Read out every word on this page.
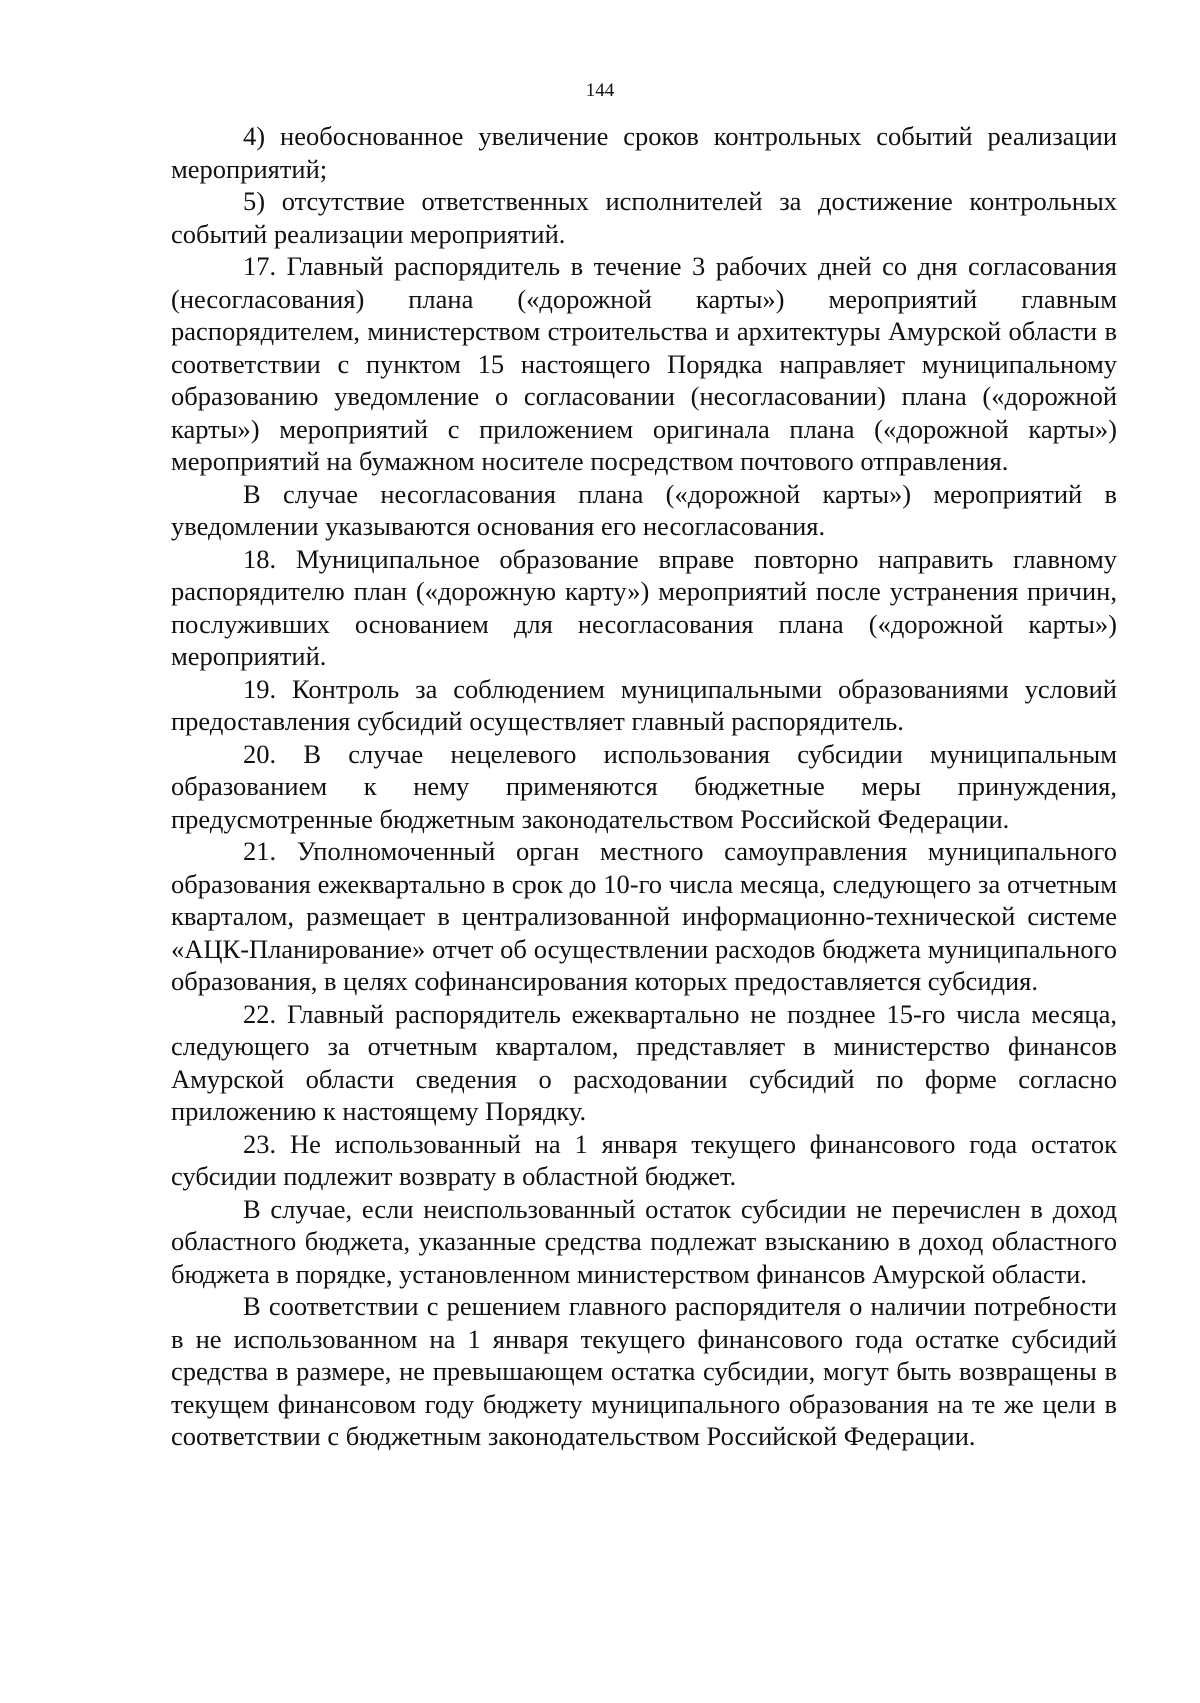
144

4) необоснованное увеличение сроков контрольных событий реализации мероприятий;

5) отсутствие ответственных исполнителей за достижение контрольных событий реализации мероприятий.

17. Главный распорядитель в течение 3 рабочих дней со дня согласования (несогласования) плана («дорожной карты») мероприятий главным распорядителем, министерством строительства и архитектуры Амурской области в соответствии с пунктом 15 настоящего Порядка направляет муниципальному образованию уведомление о согласовании (несогласовании) плана («дорожной карты») мероприятий с приложением оригинала плана («дорожной карты») мероприятий на бумажном носителе посредством почтового отправления.

В случае несогласования плана («дорожной карты») мероприятий в уведомлении указываются основания его несогласования.

18. Муниципальное образование вправе повторно направить главному распорядителю план («дорожную карту») мероприятий после устранения причин, послуживших основанием для несогласования плана («дорожной карты») мероприятий.

19. Контроль за соблюдением муниципальными образованиями условий предоставления субсидий осуществляет главный распорядитель.

20. В случае нецелевого использования субсидии муниципальным образованием к нему применяются бюджетные меры принуждения, предусмотренные бюджетным законодательством Российской Федерации.

21. Уполномоченный орган местного самоуправления муниципального образования ежеквартально в срок до 10-го числа месяца, следующего за отчетным кварталом, размещает в централизованной информационно-технической системе «АЦК-Планирование» отчет об осуществлении расходов бюджета муниципального образования, в целях софинансирования которых предоставляется субсидия.

22. Главный распорядитель ежеквартально не позднее 15-го числа месяца, следующего за отчетным кварталом, представляет в министерство финансов Амурской области сведения о расходовании субсидий по форме согласно приложению к настоящему Порядку.

23. Не использованный на 1 января текущего финансового года остаток субсидии подлежит возврату в областной бюджет.

В случае, если неиспользованный остаток субсидии не перечислен в доход областного бюджета, указанные средства подлежат взысканию в доход областного бюджета в порядке, установленном министерством финансов Амурской области.

В соответствии с решением главного распорядителя о наличии потребности в не использованном на 1 января текущего финансового года остатке субсидий средства в размере, не превышающем остатка субсидии, могут быть возвращены в текущем финансовом году бюджету муниципального образования на те же цели в соответствии с бюджетным законодательством Российской Федерации.
